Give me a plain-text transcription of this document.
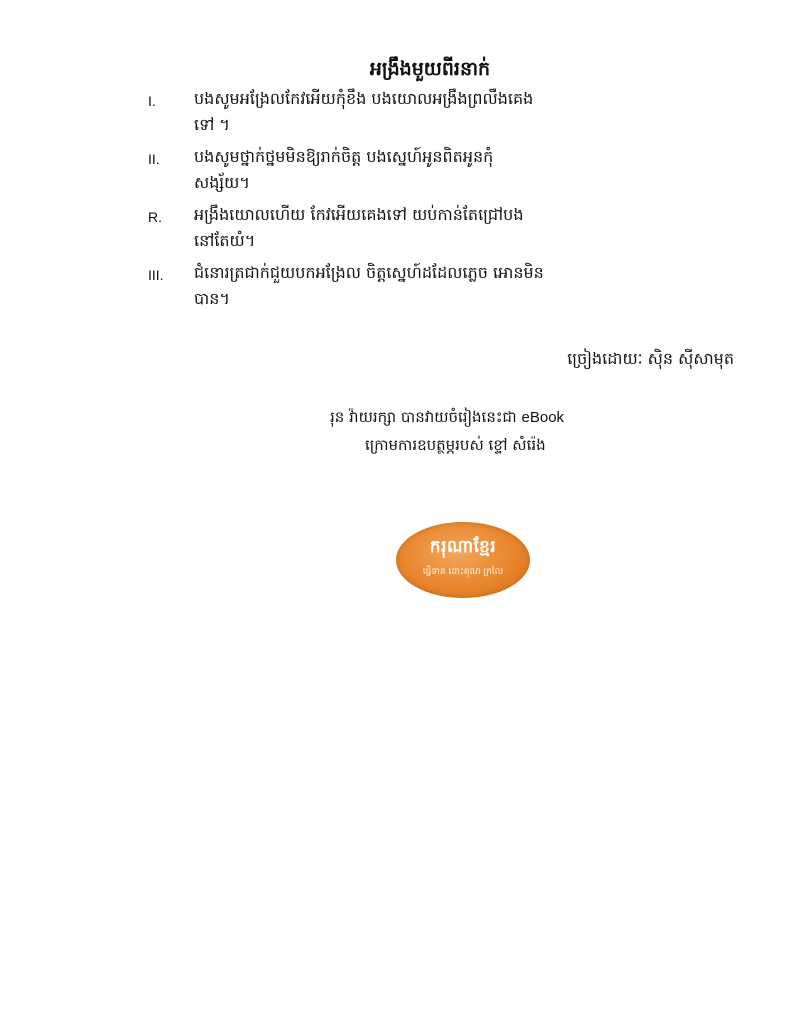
អង្រឹងមួយពីរនាក់
I. បងសូមអង្រែលកែវអើយកុំខឹង បងយោលអង្រឹងព្រលឹងគេង
ទៅ ។
II. បងសូមថ្នាក់ថ្នមមិនឱ្យរាក់ចិត្ត បងស្នេហ៍អូនពិតអូនកុំ
សង្ស័យ។
R. អង្រឹងយោលហើយ កែវអើយគេងទៅ យប់កាន់តែជ្រៅបង
នៅតែយំ។
III. ជំនោរត្រជាក់ជួយបកអង្រែល ចិត្តស្នេហ៍ដដែលភ្លេច អោនមិន
បាន។
ច្រៀងដោយៈ ស៊ិន ស៊ីសាមុត
រុន វ៉ាយរក្សា បានវាយចំរៀងនេះជា eBook
ក្រោមការឧបត្ថម្ភរបស់ ខ្ទៅ សំរ៉េង
ករុណាខ្មែរ
ធ្វើទាន ដោះគុណ ក្រលៃ
